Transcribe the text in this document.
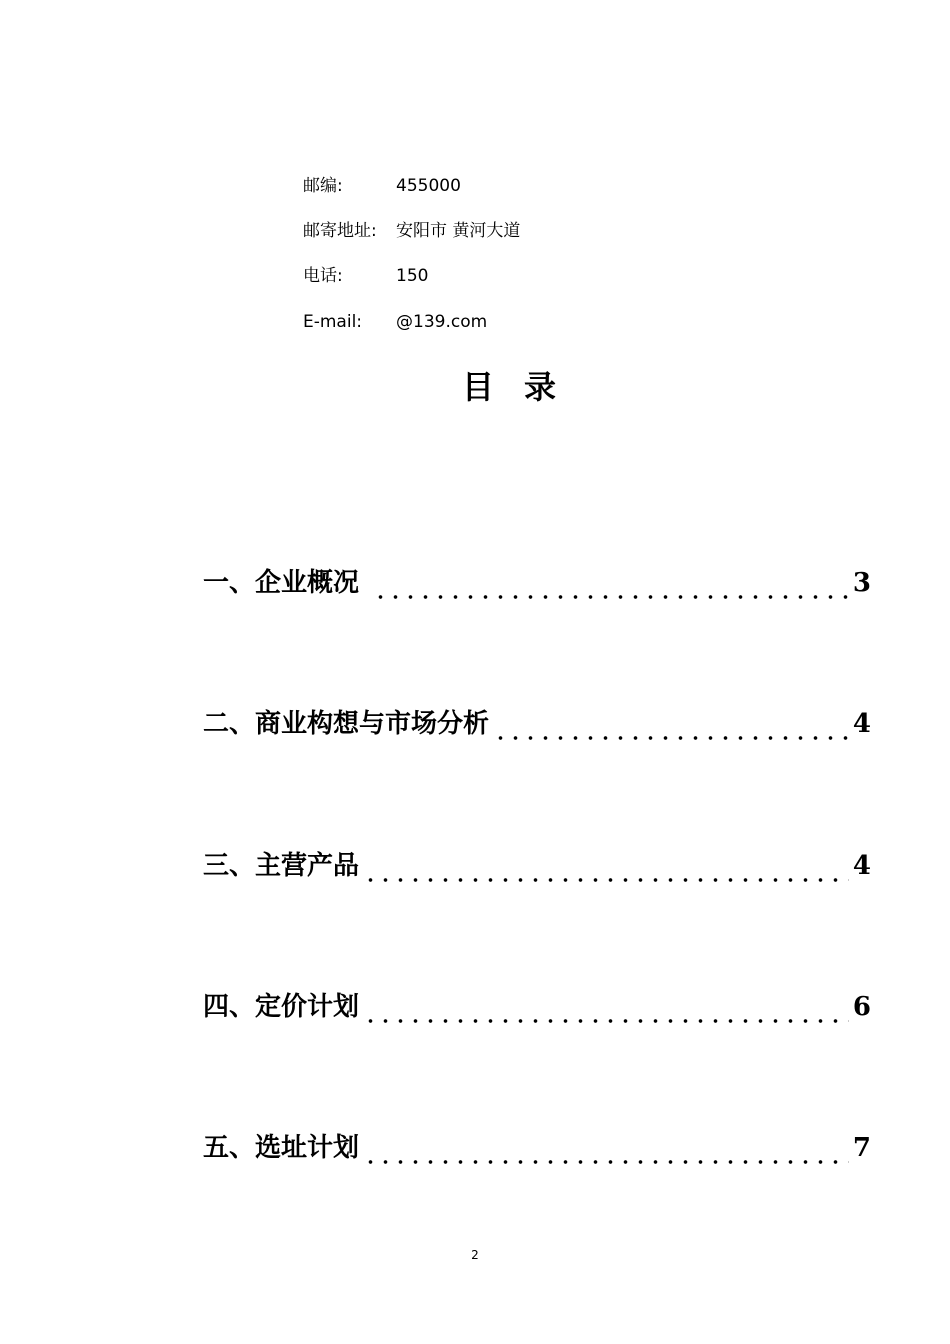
邮编:	455000
邮寄地址: 安阳市 黄河大道
电话:	150
E-mail: @139.com
目录
一、企业概况	3
二、商业构想与市场分析	4
三、主营产品	4
四、定价计划	6
五、选址计划	7
2
